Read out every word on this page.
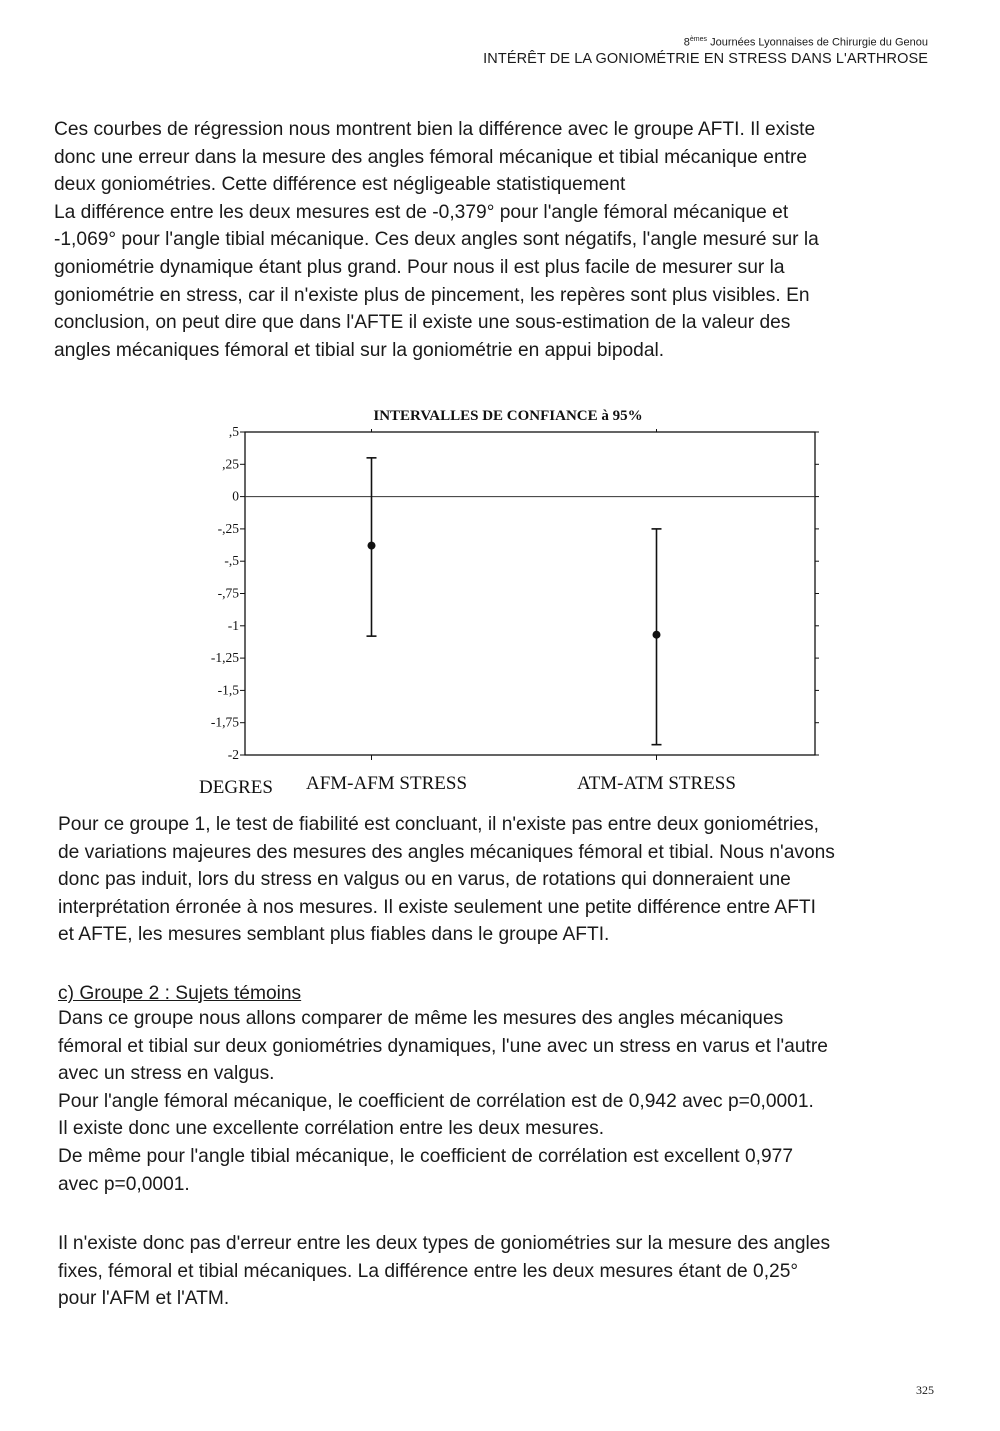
8èmes Journées Lyonnaises de Chirurgie du Genou
INTÉRÊT DE LA GONIOMÉTRIE EN STRESS DANS L'ARTHROSE

Ces courbes de régression nous montrent bien la différence avec le groupe AFTI. Il existe
donc une erreur dans la mesure des angles fémoral mécanique et tibial mécanique entre
deux goniométries. Cette différence est négligeable statistiquement
La différence entre les deux mesures est de -0,379° pour l'angle fémoral mécanique et
-1,069° pour l'angle tibial mécanique. Ces deux angles sont négatifs, l'angle mesuré sur la
goniométrie dynamique étant plus grand. Pour nous il est plus facile de mesurer sur la
goniométrie en stress, car il n'existe plus de pincement, les repères sont plus visibles. En
conclusion, on peut dire que dans l'AFTE il existe une sous-estimation de la valeur des
angles mécaniques fémoral et tibial sur la goniométrie en appui bipodal.

INTERVALLES DE CONFIANCE à 95%
,5
,25
0
-,25
-,5
-,75
-1
-1,25
-1,5
-1,75
-2
DEGRES AFM-AFM STRESS	ATM-ATM STRESS

Pour ce groupe 1, le test de fiabilité est concluant, il n'existe pas entre deux goniométries,
de variations majeures des mesures des angles mécaniques fémoral et tibial. Nous n'avons
donc pas induit, lors du stress en valgus ou en varus, de rotations qui donneraient une
interprétation érronée à nos mesures. Il existe seulement une petite différence entre AFTI
et AFTE, les mesures semblant plus fiables dans le groupe AFTI.

c) Groupe 2 : Sujets témoins

Dans ce groupe nous allons comparer de même les mesures des angles mécaniques
fémoral et tibial sur deux goniométries dynamiques, l'une avec un stress en varus et l'autre
avec un stress en valgus.
Pour l'angle fémoral mécanique, le coefficient de corrélation est de 0,942 avec p=0,0001.
Il existe donc une excellente corrélation entre les deux mesures.
De même pour l'angle tibial mécanique, le coefficient de corrélation est excellent 0,977
avec p=0,0001.

Il n'existe donc pas d'erreur entre les deux types de goniométries sur la mesure des angles
fixes, fémoral et tibial mécaniques. La différence entre les deux mesures étant de 0,25°
pour l'AFM et l'ATM.

325
